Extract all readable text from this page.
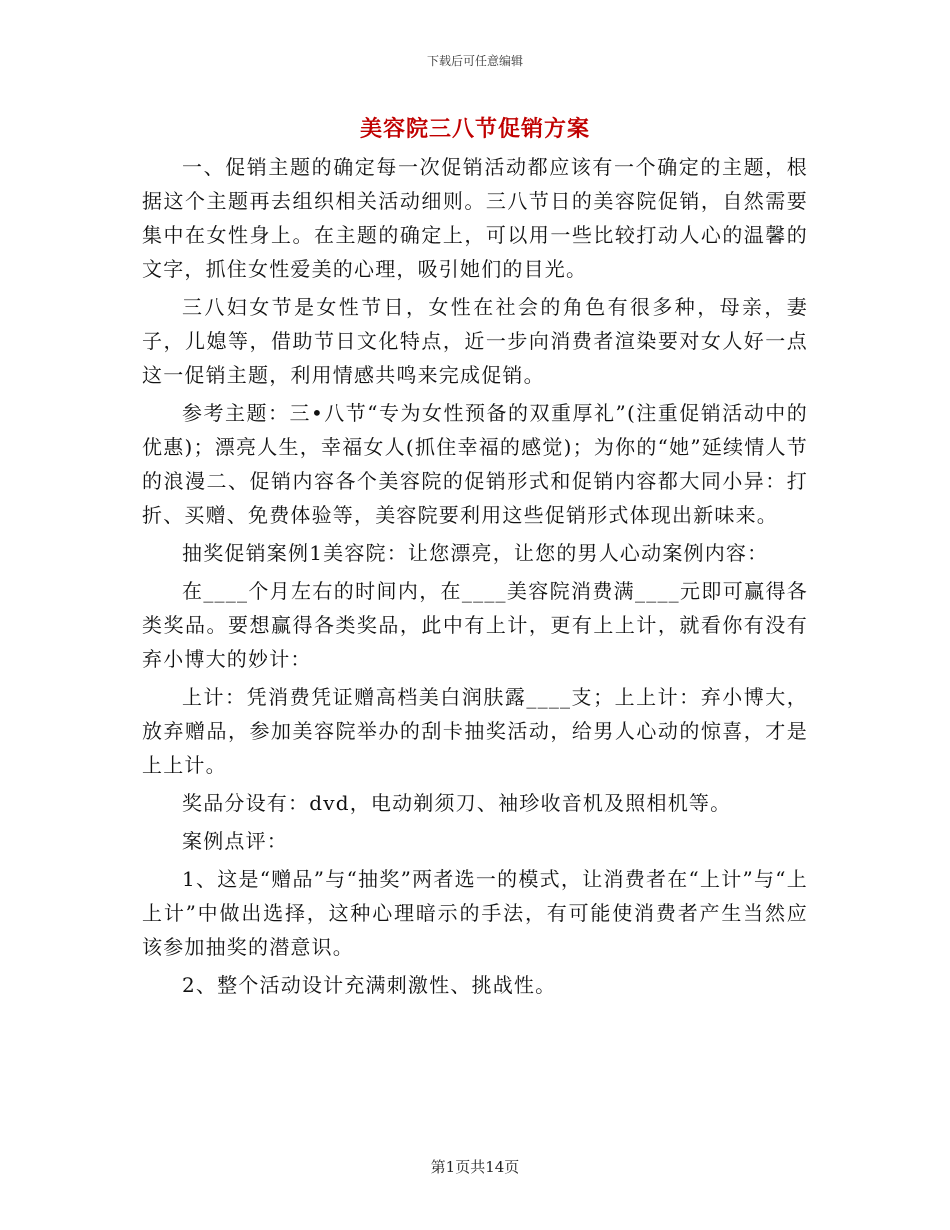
下载后可任意编辑
美容院三八节促销方案

一、促销主题的确定每一次促销活动都应该有一个确定的主题，根据这个主题再去组织相关活动细则。三八节日的美容院促销，自然需要集中在女性身上。在主题的确定上，可以用一些比较打动人心的温馨的文字，抓住女性爱美的心理，吸引她们的目光。

三八妇女节是女性节日，女性在社会的角色有很多种，母亲，妻子，儿媳等，借助节日文化特点，近一步向消费者渲染要对女人好一点这一促销主题，利用情感共鸣来完成促销。

参考主题：三•八节“专为女性预备的双重厚礼”(注重促销活动中的优惠)；漂亮人生，幸福女人(抓住幸福的感觉)；为你的“她”延续情人节的浪漫二、促销内容各个美容院的促销形式和促销内容都大同小异：打折、买赠、免费体验等，美容院要利用这些促销形式体现出新味来。

抽奖促销案例1美容院：让您漂亮，让您的男人心动案例内容：

在____个月左右的时间内，在____美容院消费满____元即可赢得各类奖品。要想赢得各类奖品，此中有上计，更有上上计，就看你有没有弃小博大的妙计：

上计：凭消费凭证赠高档美白润肤露____支；上上计：弃小博大，放弃赠品，参加美容院举办的刮卡抽奖活动，给男人心动的惊喜，才是上上计。

奖品分设有：dvd，电动剃须刀、袖珍收音机及照相机等。

案例点评：

1、这是“赠品”与“抽奖”两者选一的模式，让消费者在“上计”与“上上计”中做出选择，这种心理暗示的手法，有可能使消费者产生当然应该参加抽奖的潜意识。

2、整个活动设计充满刺激性、挑战性。

第1页共14页
